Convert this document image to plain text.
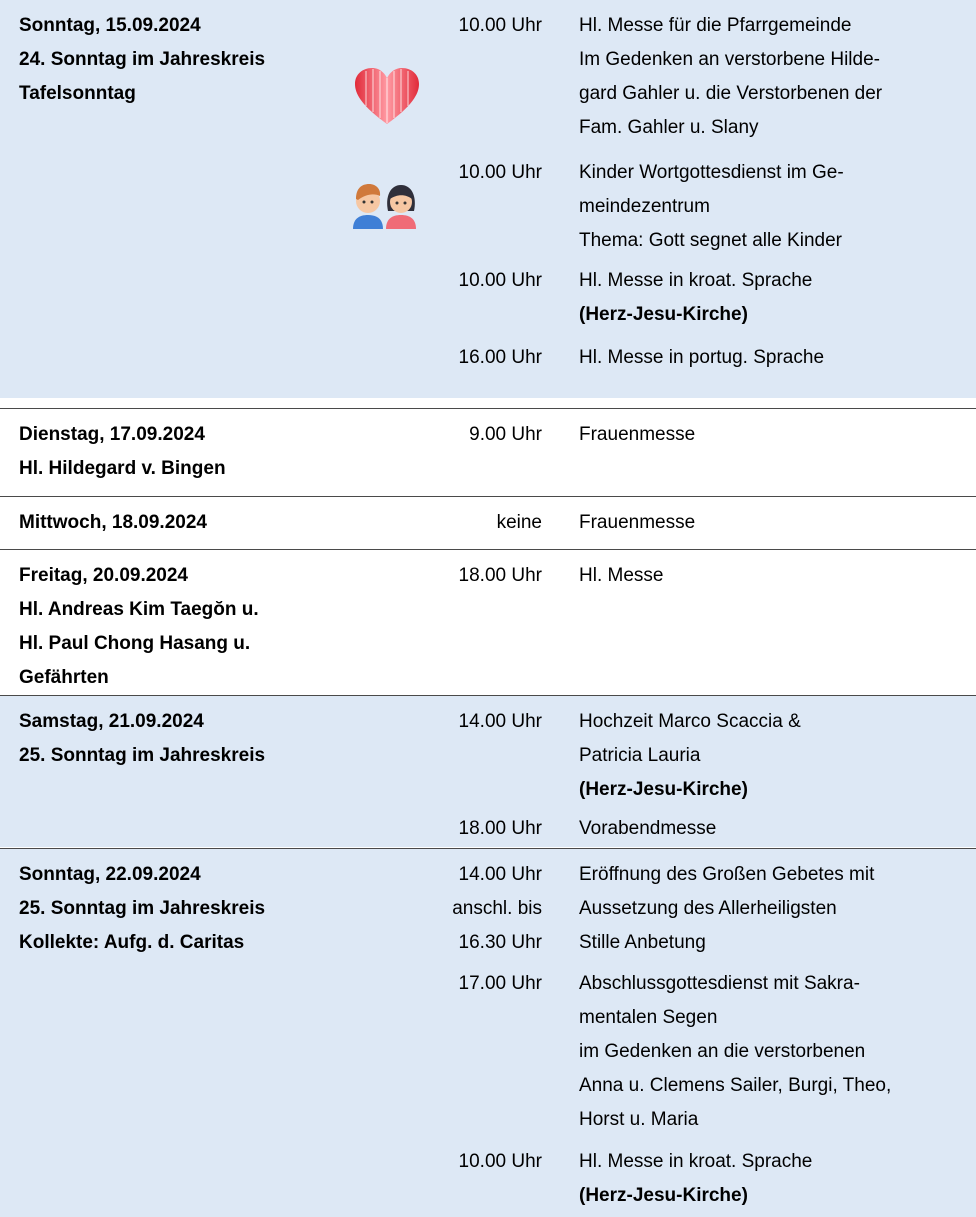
Sonntag, 15.09.2024
24. Sonntag im Jahreskreis
Tafelsonntag
10.00 Uhr Hl. Messe für die Pfarrgemeinde
Im Gedenken an verstorbene Hilde-
gard Gahler u. die Verstorbenen der
Fam. Gahler u. Slany
10.00 Uhr Kinder Wortgottesdienst im Ge-
meindezentrum
Thema: Gott segnet alle Kinder
10.00 Uhr Hl. Messe in kroat. Sprache
(Herz-Jesu-Kirche)
16.00 Uhr Hl. Messe in portug. Sprache
Dienstag, 17.09.2024
Hl. Hildegard v. Bingen
9.00 Uhr Frauenmesse
Mittwoch, 18.09.2024	keine Frauenmesse
Freitag, 20.09.2024
Hl. Andreas Kim Taegŏn u.
Hl. Paul Chong Hasang u.
Gefährten
18.00 Uhr Hl. Messe
Samstag, 21.09.2024
25. Sonntag im Jahreskreis
14.00 Uhr Hochzeit Marco Scaccia &
Patricia Lauria
(Herz-Jesu-Kirche)
18.00 Uhr Vorabendmesse
Sonntag, 22.09.2024
25. Sonntag im Jahreskreis
Kollekte: Aufg. d. Caritas
14.00 Uhr
anschl. bis
16.30 Uhr
Eröffnung des Großen Gebetes mit
Aussetzung des Allerheiligsten
Stille Anbetung
17.00 Uhr Abschlussgottesdienst mit Sakra-
mentalen Segen
im Gedenken an die verstorbenen
Anna u. Clemens Sailer, Burgi, Theo,
Horst u. Maria
10.00 Uhr Hl. Messe in kroat. Sprache
(Herz-Jesu-Kirche)
